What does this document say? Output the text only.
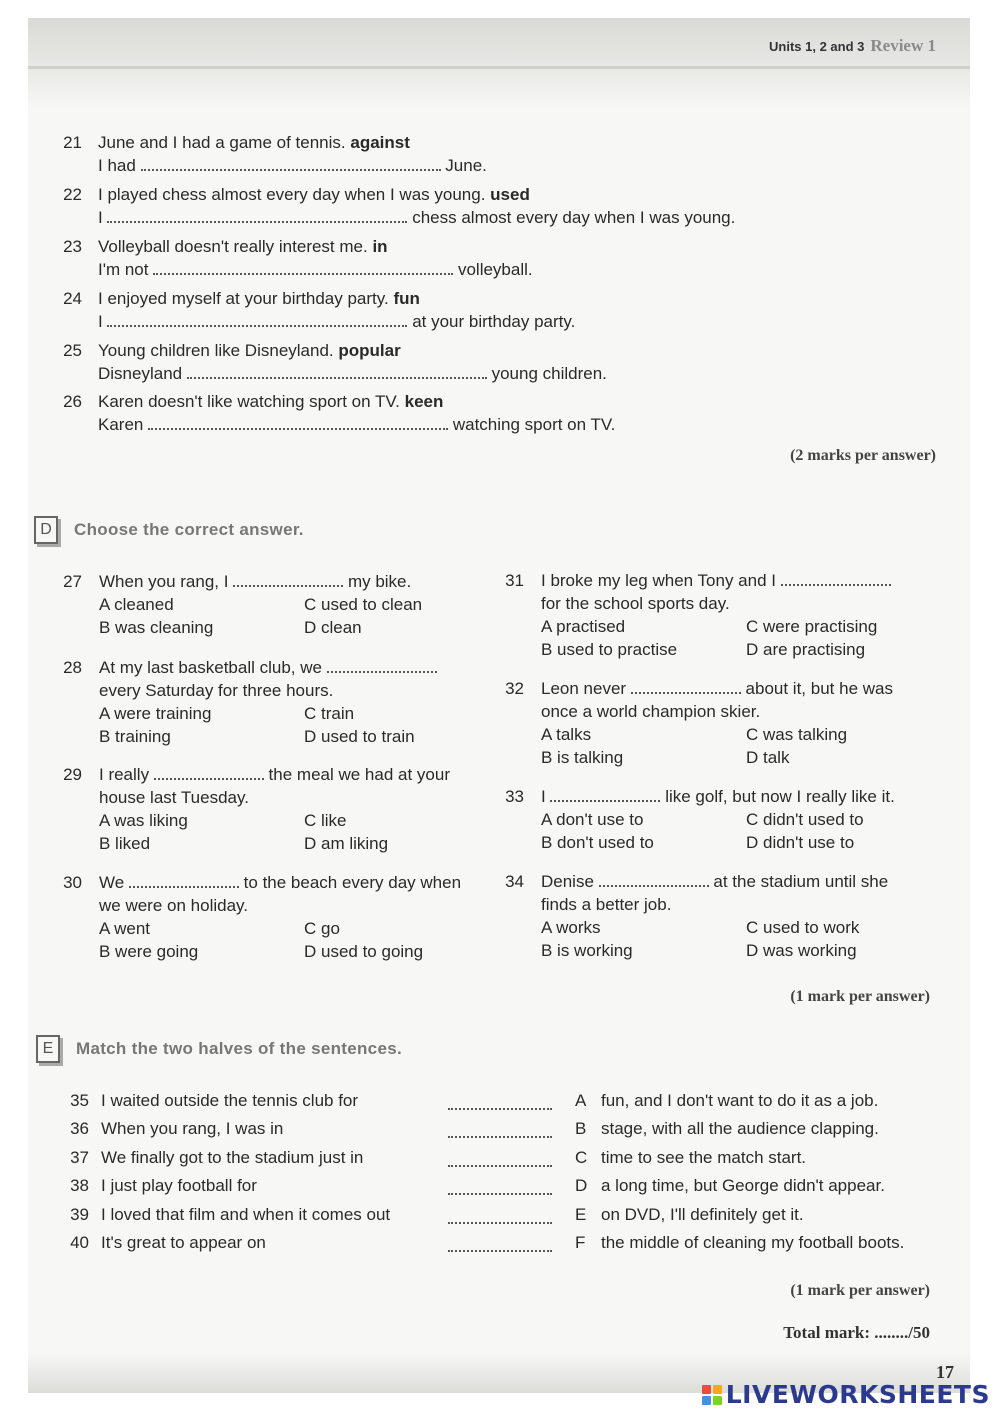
Units 1, 2 and 3 Review 1
21 June and I had a game of tennis. against
I had	June.
22 I played chess almost every day when I was young. used
I	chess almost every day when I was young.
23 Volleyball doesn't really interest me. in
I'm not	volleyball.
24 I enjoyed myself at your birthday party. fun
I	at your birthday party.
25 Young children like Disneyland. popular
Disneyland	young children.
26 Karen doesn't like watching sport on TV. keen
Karen	watching sport on TV.
(2 marks per answer)
D	Choose the correct answer.
27 When you rang, I	my bike.
A cleaned	C used to clean
B was cleaning	D clean
28 At my last basketball club, we
every Saturday for three hours.
A were training	C train
B training	D used to train
29 I really	the meal we had at your
house last Tuesday.
A was liking	C like
B liked	D am liking
30 We	to the beach every day when
we were on holiday.
A went	C go
B were going	D used to going
31 I broke my leg when Tony and I
for the school sports day.
A practised	C were practising
B used to practise	D are practising
32 Leon never	about it, but he was
once a world champion skier.
A talks	C was talking
B is talking	D talk
33 I	like golf, but now I really like it.
A don't use to	C didn't used to
B don't used to	D didn't use to
34 Denise	at the stadium until she
finds a better job.
A works	C used to work
B is working	D was working
(1 mark per answer)
E	Match the two halves of the sentences.
35 I waited outside the tennis club for	A fun, and I don't want to do it as a job.
36 When you rang, I was in	B stage, with all the audience clapping.
37 We finally got to the stadium just in	C time to see the match start.
38 I just play football for	D a long time, but George didn't appear.
39 I loved that film and when it comes out	E on DVD, I'll definitely get it.
40 It's great to appear on	F the middle of cleaning my football boots.
(1 mark per answer)
Total mark: ......../50
17
LIVEWORKSHEETS
